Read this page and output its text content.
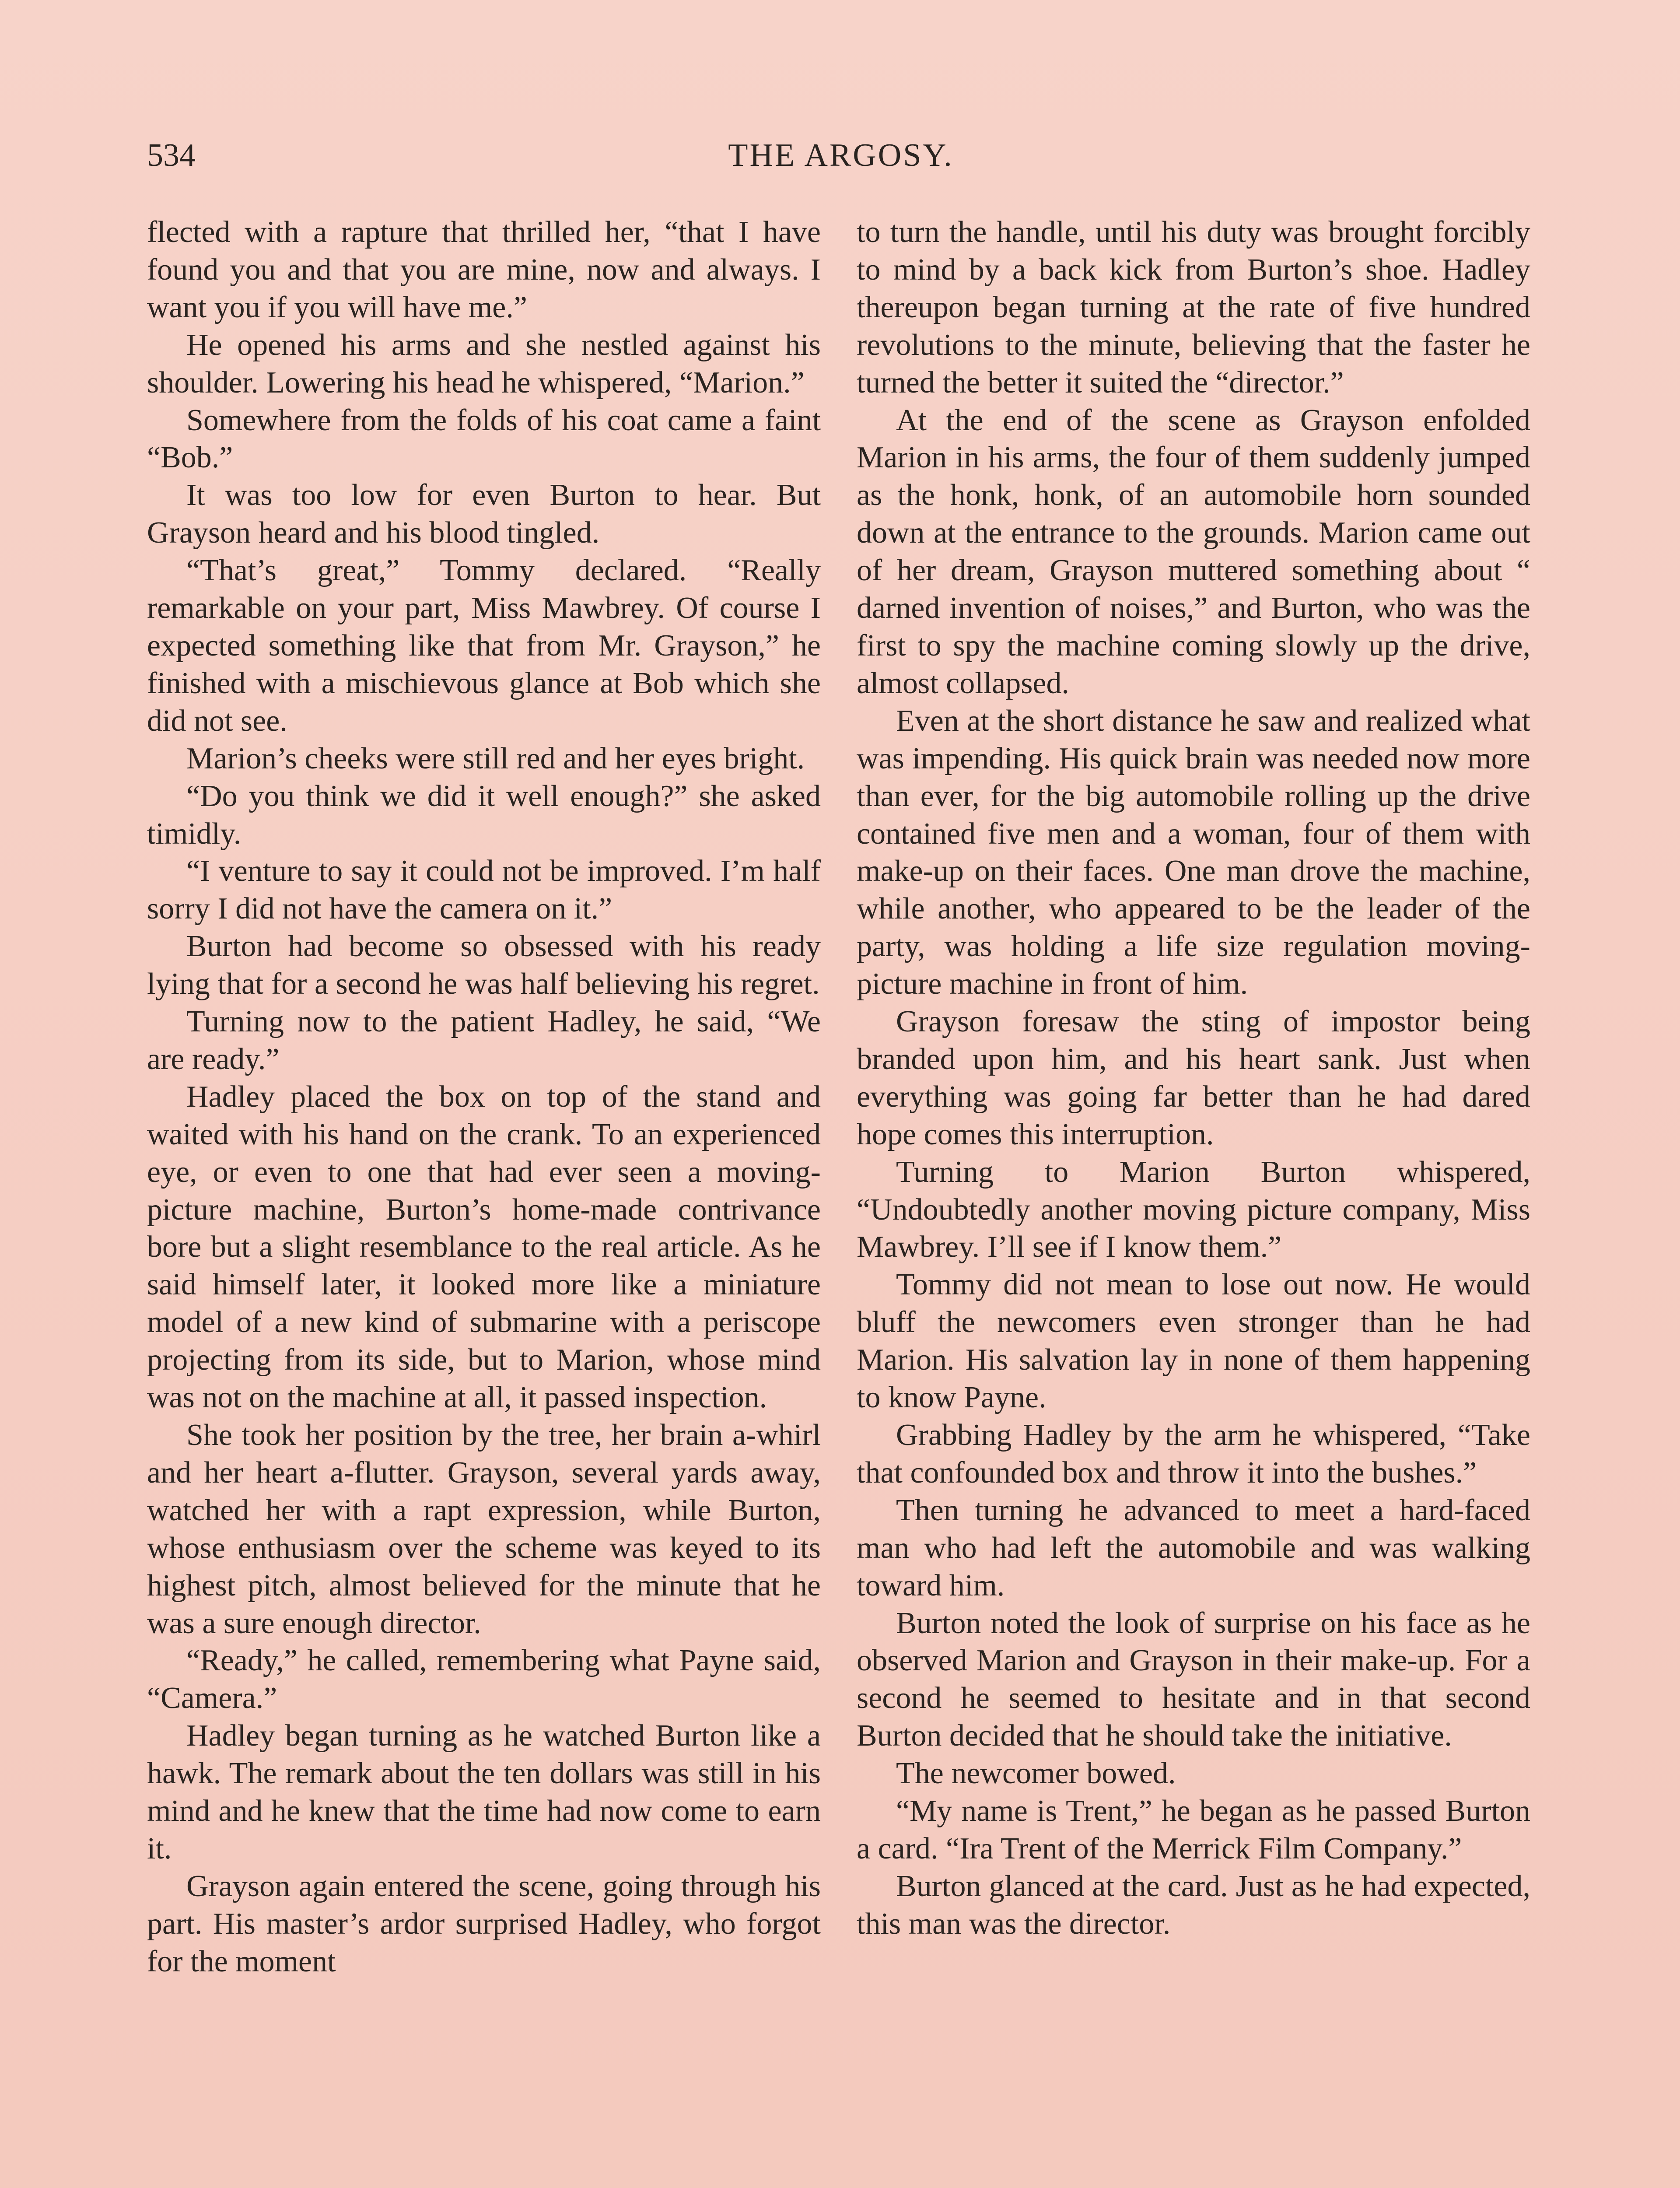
534	THE ARGOSY.

flected with a rapture that thrilled her, “that I have found you and that you are mine, now and always. I want you if you will have me.”

He opened his arms and she nestled against his shoulder. Lowering his head he whispered, “Marion.”

Somewhere from the folds of his coat came a faint “Bob.”

It was too low for even Burton to hear. But Grayson heard and his blood tingled.

“That’s great,” Tommy declared. “Really remarkable on your part, Miss Mawbrey. Of course I expected something like that from Mr. Grayson,” he finished with a mischievous glance at Bob which she did not see.

Marion’s cheeks were still red and her eyes bright.

“Do you think we did it well enough?” she asked timidly.

“I venture to say it could not be improved. I’m half sorry I did not have the camera on it.”

Burton had become so obsessed with his ready lying that for a second he was half believing his regret.

Turning now to the patient Hadley, he said, “We are ready.”

Hadley placed the box on top of the stand and waited with his hand on the crank. To an experienced eye, or even to one that had ever seen a moving-picture machine, Burton’s home-made contrivance bore but a slight resemblance to the real article. As he said himself later, it looked more like a miniature model of a new kind of submarine with a periscope projecting from its side, but to Marion, whose mind was not on the machine at all, it passed inspection.

She took her position by the tree, her brain a-whirl and her heart a-flutter. Grayson, several yards away, watched her with a rapt expression, while Burton, whose enthusiasm over the scheme was keyed to its highest pitch, almost believed for the minute that he was a sure enough director.

“Ready,” he called, remembering what Payne said, “Camera.”

Hadley began turning as he watched Burton like a hawk. The remark about the ten dollars was still in his mind and he knew that the time had now come to earn it.

Grayson again entered the scene, going through his part. His master’s ardor surprised Hadley, who forgot for the moment

to turn the handle, until his duty was brought forcibly to mind by a back kick from Burton’s shoe. Hadley thereupon began turning at the rate of five hundred revolutions to the minute, believing that the faster he turned the better it suited the “director.”

At the end of the scene as Grayson enfolded Marion in his arms, the four of them suddenly jumped as the honk, honk, of an automobile horn sounded down at the entrance to the grounds. Marion came out of her dream, Grayson muttered something about “ darned invention of noises,” and Burton, who was the first to spy the machine coming slowly up the drive, almost collapsed.

Even at the short distance he saw and realized what was impending. His quick brain was needed now more than ever, for the big automobile rolling up the drive contained five men and a woman, four of them with make-up on their faces. One man drove the machine, while another, who appeared to be the leader of the party, was holding a life size regulation moving-picture machine in front of him.

Grayson foresaw the sting of impostor being branded upon him, and his heart sank. Just when everything was going far better than he had dared hope comes this interruption.

Turning to Marion Burton whispered, “Undoubtedly another moving picture company, Miss Mawbrey. I’ll see if I know them.”

Tommy did not mean to lose out now. He would bluff the newcomers even stronger than he had Marion. His salvation lay in none of them happening to know Payne.

Grabbing Hadley by the arm he whispered, “Take that confounded box and throw it into the bushes.”

Then turning he advanced to meet a hard-faced man who had left the automobile and was walking toward him.

Burton noted the look of surprise on his face as he observed Marion and Grayson in their make-up. For a second he seemed to hesitate and in that second Burton decided that he should take the initiative.

The newcomer bowed.

“My name is Trent,” he began as he passed Burton a card. “Ira Trent of the Merrick Film Company.”

Burton glanced at the card. Just as he had expected, this man was the director.
